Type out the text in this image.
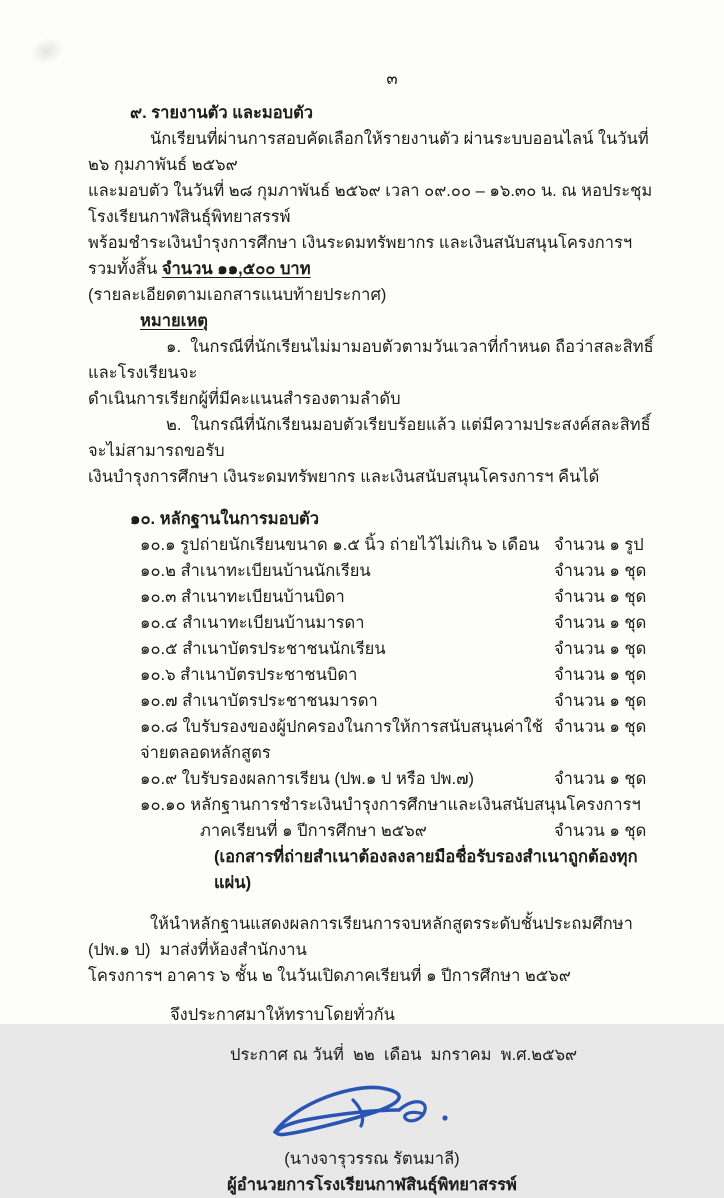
๓
๙. รายงานตัว และมอบตัว
นักเรียนที่ผ่านการสอบคัดเลือกให้รายงานตัว ผ่านระบบออนไลน์ ในวันที่ ๒๖ กุมภาพันธ์ ๒๕๖๙
และมอบตัว ในวันที่ ๒๘ กุมภาพันธ์ ๒๕๖๙ เวลา ๐๙.๐๐ – ๑๖.๓๐ น. ณ หอประชุมโรงเรียนกาฬสินธุ์พิทยาสรรพ์
พร้อมชำระเงินบำรุงการศึกษา เงินระดมทรัพยากร และเงินสนับสนุนโครงการฯ  รวมทั้งสิ้น จำนวน ๑๑,๕๐๐ บาท
(รายละเอียดตามเอกสารแนบท้ายประกาศ)
หมายเหตุ
๑.  ในกรณีที่นักเรียนไม่มามอบตัวตามวันเวลาที่กำหนด ถือว่าสละสิทธิ์  และโรงเรียนจะ
ดำเนินการเรียกผู้ที่มีคะแนนสำรองตามลำดับ
๒.  ในกรณีที่นักเรียนมอบตัวเรียบร้อยแล้ว แต่มีความประสงค์สละสิทธิ์ จะไม่สามารถขอรับ
เงินบำรุงการศึกษา เงินระดมทรัพยากร และเงินสนับสนุนโครงการฯ คืนได้
๑๐. หลักฐานในการมอบตัว
๑๐.๑ รูปถ่ายนักเรียนขนาด ๑.๕ นิ้ว ถ่ายไว้ไม่เกิน ๖ เดือน จำนวน ๑ รูป
๑๐.๒ สำเนาทะเบียนบ้านนักเรียน	จำนวน ๑ ชุด
๑๐.๓ สำเนาทะเบียนบ้านบิดา	จำนวน ๑ ชุด
๑๐.๔ สำเนาทะเบียนบ้านมารดา	จำนวน ๑ ชุด
๑๐.๕ สำเนาบัตรประชาชนนักเรียน	จำนวน ๑ ชุด
๑๐.๖ สำเนาบัตรประชาชนบิดา	จำนวน ๑ ชุด
๑๐.๗ สำเนาบัตรประชาชนมารดา	จำนวน ๑ ชุด
๑๐.๘ ใบรับรองของผู้ปกครองในการให้การสนับสนุนค่าใช้จ่ายตลอดหลักสูตร
จำนวน ๑ ชุด
๑๐.๙ ใบรับรองผลการเรียน (ปพ.๑ ป หรือ ปพ.๗)	จำนวน ๑ ชุด
๑๐.๑๐ หลักฐานการชำระเงินบำรุงการศึกษาและเงินสนับสนุนโครงการฯ
ภาคเรียนที่ ๑ ปีการศึกษา ๒๕๖๙	จำนวน ๑ ชุด
(เอกสารที่ถ่ายสำเนาต้องลงลายมือชื่อรับรองสำเนาถูกต้องทุกแผ่น)
ให้นำหลักฐานแสดงผลการเรียนการจบหลักสูตรระดับชั้นประถมศึกษา (ปพ.๑ ป)  มาส่งที่ห้องสำนักงาน
โครงการฯ อาคาร ๖ ชั้น ๒ ในวันเปิดภาคเรียนที่ ๑ ปีการศึกษา ๒๕๖๙
จึงประกาศมาให้ทราบโดยทั่วกัน
ประกาศ ณ วันที่  ๒๒  เดือน  มกราคม  พ.ศ.๒๕๖๙
(นางจารุวรรณ รัตนมาลี)
ผู้อำนวยการโรงเรียนกาฬสินธุ์พิทยาสรรพ์
